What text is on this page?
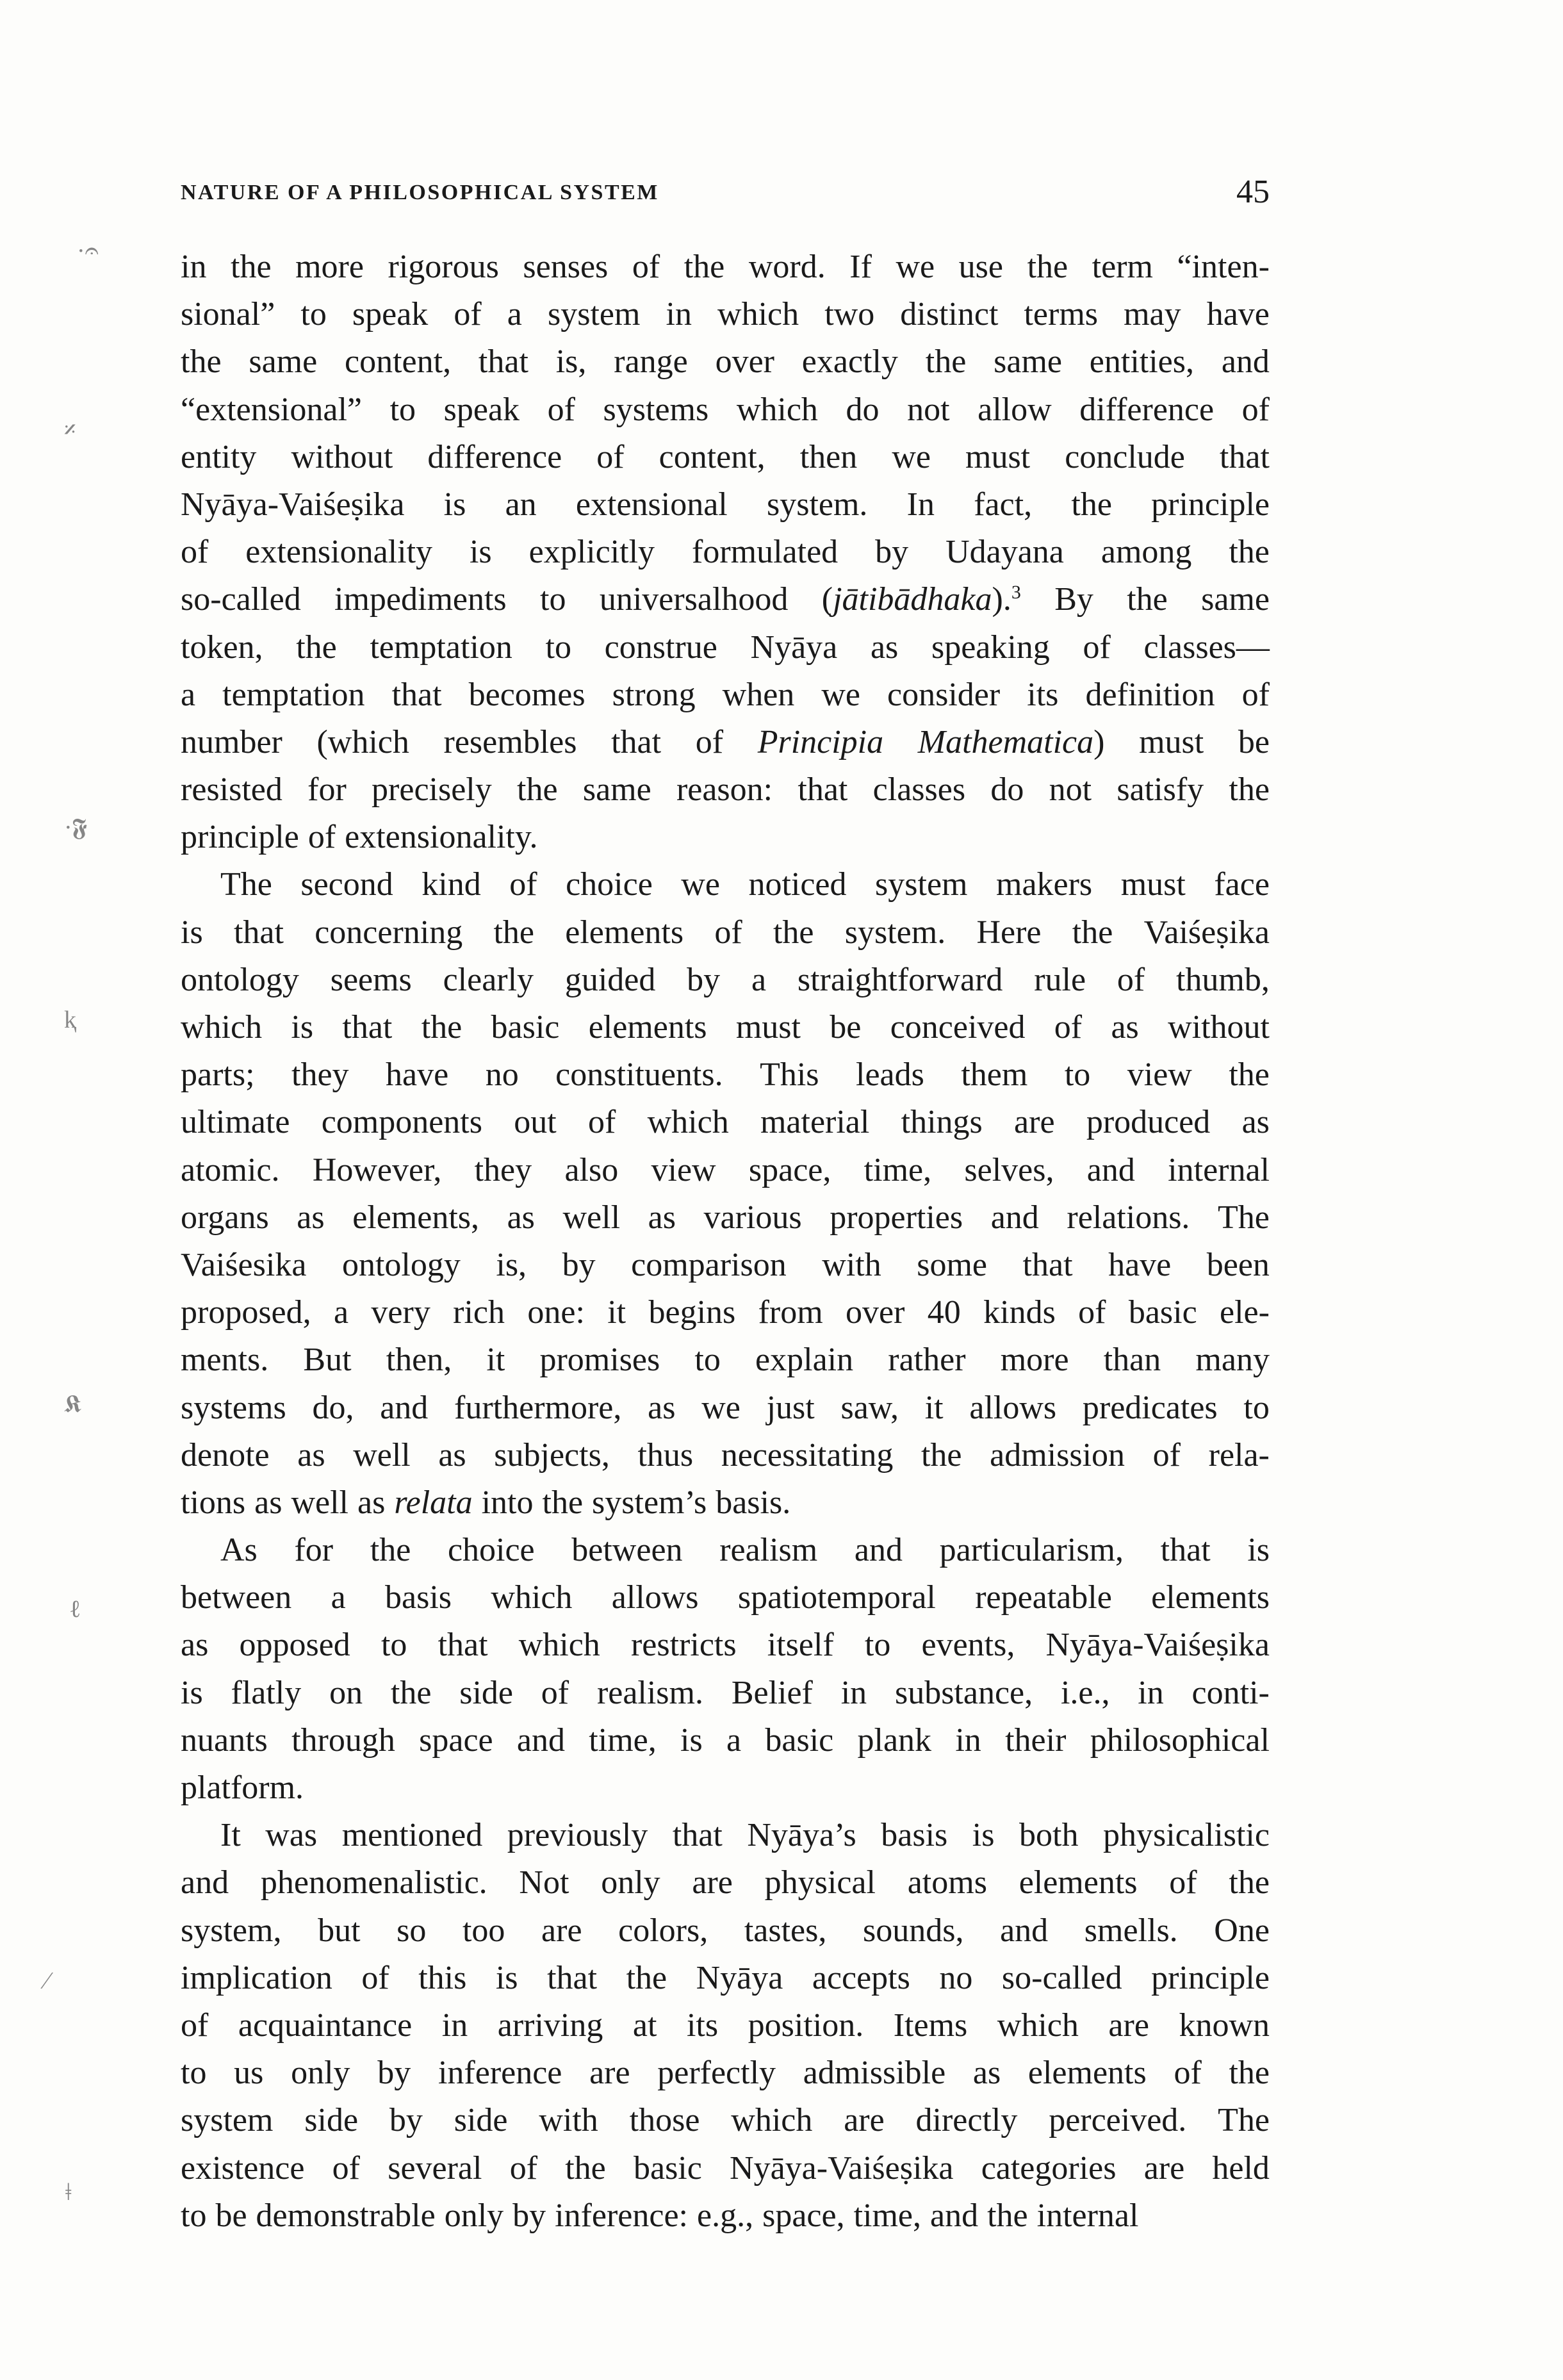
NATURE OF A PHILOSOPHICAL SYSTEM	45
·𝄐
𝄎
·𝕱
ⱪ
𝕶
ℓ
⁄
ǂ
in the more rigorous senses of the word. If we use the term “inten-
sional” to speak of a system in which two distinct terms may have
the same content, that is, range over exactly the same entities, and
“extensional” to speak of systems which do not allow difference of
entity without difference of content, then we must conclude that
Nyāya-Vaiśeṣika is an extensional system. In fact, the principle
of extensionality is explicitly formulated by Udayana among the
so-called impediments to universalhood (jātibādhaka).$^3$ By the same
token, the temptation to construe Nyāya as speaking of classes—
a temptation that becomes strong when we consider its definition of
number (which resembles that of Principia Mathematica) must be
resisted for precisely the same reason: that classes do not satisfy the
principle of extensionality.
The second kind of choice we noticed system makers must face
is that concerning the elements of the system. Here the Vaiśeṣika
ontology seems clearly guided by a straightforward rule of thumb,
which is that the basic elements must be conceived of as without
parts; they have no constituents. This leads them to view the
ultimate components out of which material things are produced as
atomic. However, they also view space, time, selves, and internal
organs as elements, as well as various properties and relations. The
Vaiśesika ontology is, by comparison with some that have been
proposed, a very rich one: it begins from over 40 kinds of basic ele-
ments. But then, it promises to explain rather more than many
systems do, and furthermore, as we just saw, it allows predicates to
denote as well as subjects, thus necessitating the admission of rela-
tions as well as relata into the system’s basis.
As for the choice between realism and particularism, that is
between a basis which allows spatiotemporal repeatable elements
as opposed to that which restricts itself to events, Nyāya-Vaiśeṣika
is flatly on the side of realism. Belief in substance, i.e., in conti-
nuants through space and time, is a basic plank in their philosophical
platform.
It was mentioned previously that Nyāya’s basis is both physicalistic
and phenomenalistic. Not only are physical atoms elements of the
system, but so too are colors, tastes, sounds, and smells. One
implication of this is that the Nyāya accepts no so-called principle
of acquaintance in arriving at its position. Items which are known
to us only by inference are perfectly admissible as elements of the
system side by side with those which are directly perceived. The
existence of several of the basic Nyāya-Vaiśeṣika categories are held
to be demonstrable only by inference: e.g., space, time, and the internal
